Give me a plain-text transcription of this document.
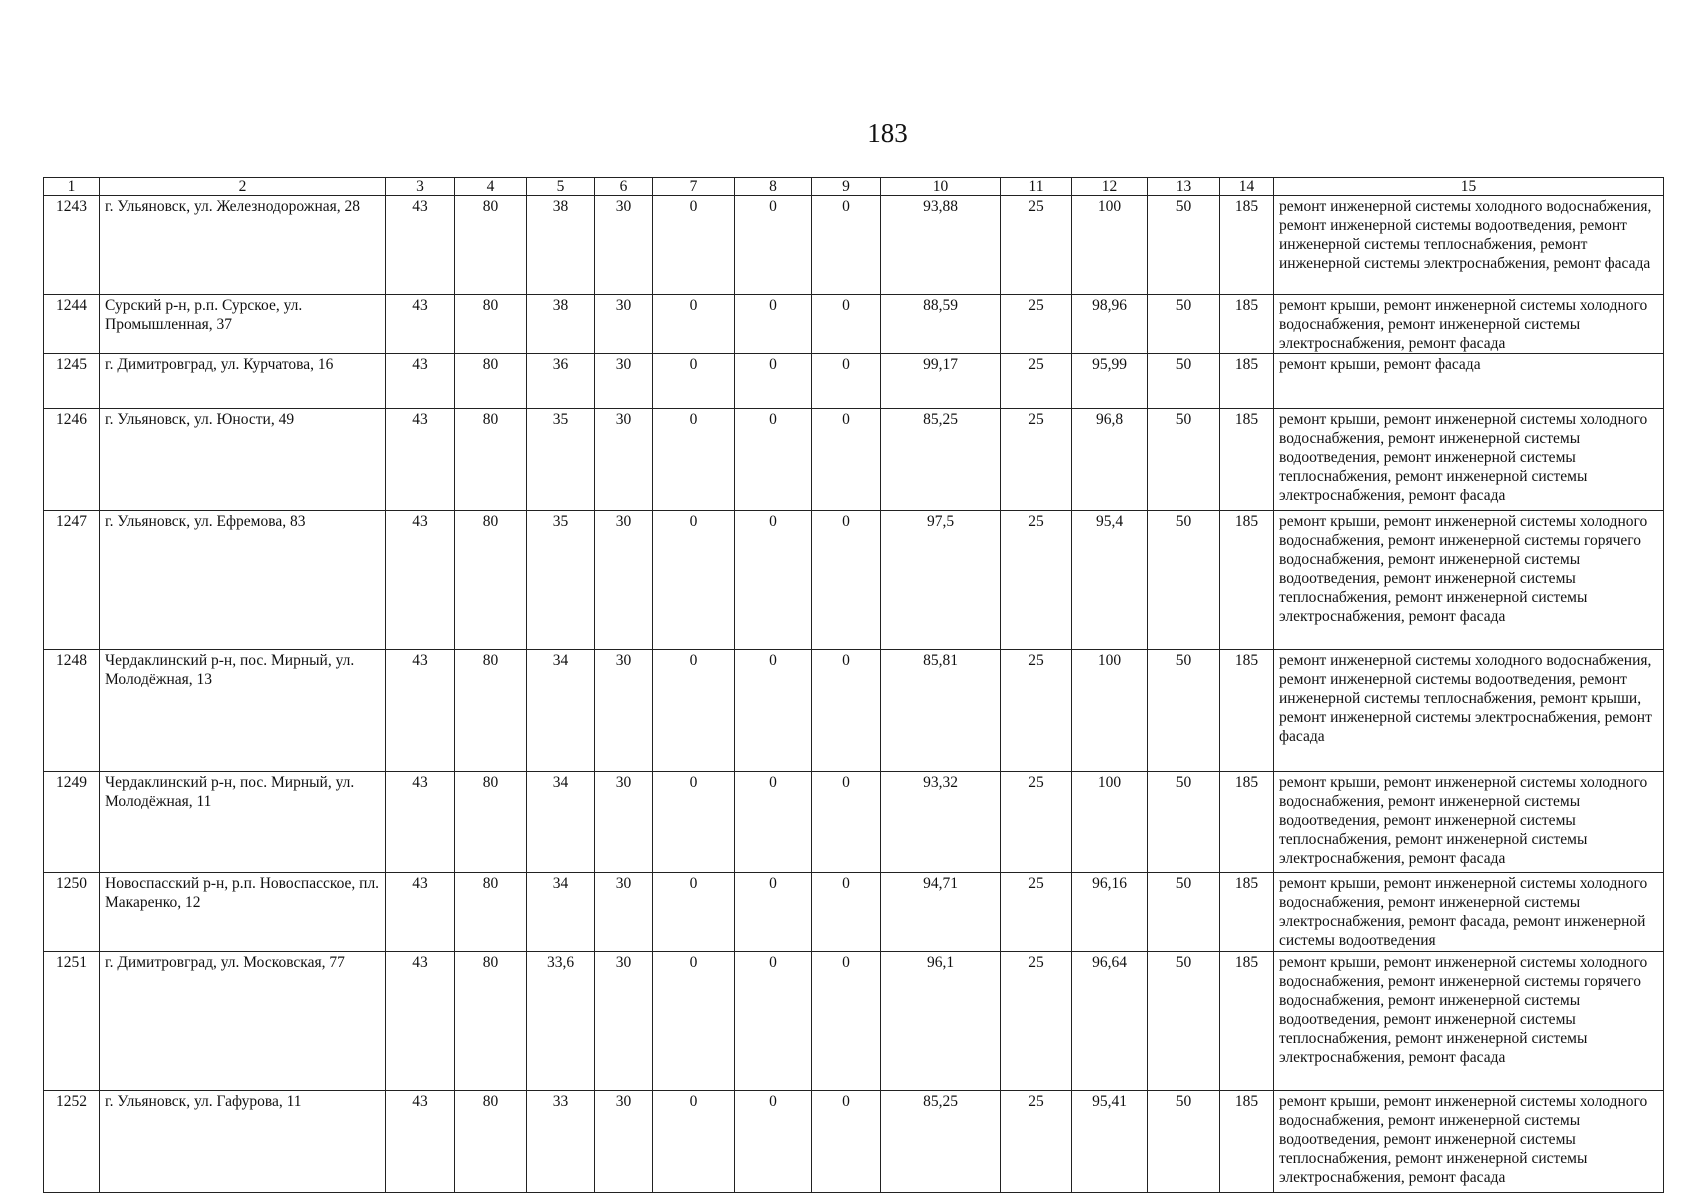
183
1	2	3	4	5	6	7	8	9	10	11	12	13	14	15
1243	г. Ульяновск, ул. Железнодорожная, 28	43	80	38	30	0	0	0	93,88	25	100	50	185	ремонт инженерной системы холодного водоснабжения, ремонт инженерной системы водоотведения, ремонт инженерной системы теплоснабжения, ремонт инженерной системы электроснабжения, ремонт фасада
1244	Сурский р-н, р.п. Сурское, ул. Промышленная, 37	43	80	38	30	0	0	0	88,59	25	98,96	50	185	ремонт крыши, ремонт инженерной системы холодного водоснабжения, ремонт инженерной системы электроснабжения, ремонт фасада
1245	г. Димитровград, ул. Курчатова, 16	43	80	36	30	0	0	0	99,17	25	95,99	50	185	ремонт крыши, ремонт фасада
1246	г. Ульяновск, ул. Юности, 49	43	80	35	30	0	0	0	85,25	25	96,8	50	185	ремонт крыши, ремонт инженерной системы холодного водоснабжения, ремонт инженерной системы водоотведения, ремонт инженерной системы теплоснабжения, ремонт инженерной системы электроснабжения, ремонт фасада
1247	г. Ульяновск, ул. Ефремова, 83	43	80	35	30	0	0	0	97,5	25	95,4	50	185	ремонт крыши, ремонт инженерной системы холодного водоснабжения, ремонт инженерной системы горячего водоснабжения, ремонт инженерной системы водоотведения, ремонт инженерной системы теплоснабжения, ремонт инженерной системы электроснабжения, ремонт фасада
1248	Чердаклинский р-н, пос. Мирный, ул. Молодёжная, 13	43	80	34	30	0	0	0	85,81	25	100	50	185	ремонт инженерной системы холодного водоснабжения, ремонт инженерной системы водоотведения, ремонт инженерной системы теплоснабжения, ремонт крыши, ремонт инженерной системы электроснабжения, ремонт фасада
1249	Чердаклинский р-н, пос. Мирный, ул. Молодёжная, 11	43	80	34	30	0	0	0	93,32	25	100	50	185	ремонт крыши, ремонт инженерной системы холодного водоснабжения, ремонт инженерной системы водоотведения, ремонт инженерной системы теплоснабжения, ремонт инженерной системы электроснабжения, ремонт фасада
1250	Новоспасский р-н, р.п. Новоспасское, пл. Макаренко, 12	43	80	34	30	0	0	0	94,71	25	96,16	50	185	ремонт крыши, ремонт инженерной системы холодного водоснабжения, ремонт инженерной системы электроснабжения, ремонт фасада, ремонт инженерной системы водоотведения
1251	г. Димитровград, ул. Московская, 77	43	80	33,6	30	0	0	0	96,1	25	96,64	50	185	ремонт крыши, ремонт инженерной системы холодного водоснабжения, ремонт инженерной системы горячего водоснабжения, ремонт инженерной системы водоотведения, ремонт инженерной системы теплоснабжения, ремонт инженерной системы электроснабжения, ремонт фасада
1252	г. Ульяновск, ул. Гафурова, 11	43	80	33	30	0	0	0	85,25	25	95,41	50	185	ремонт крыши, ремонт инженерной системы холодного водоснабжения, ремонт инженерной системы водоотведения, ремонт инженерной системы теплоснабжения, ремонт инженерной системы электроснабжения, ремонт фасада
